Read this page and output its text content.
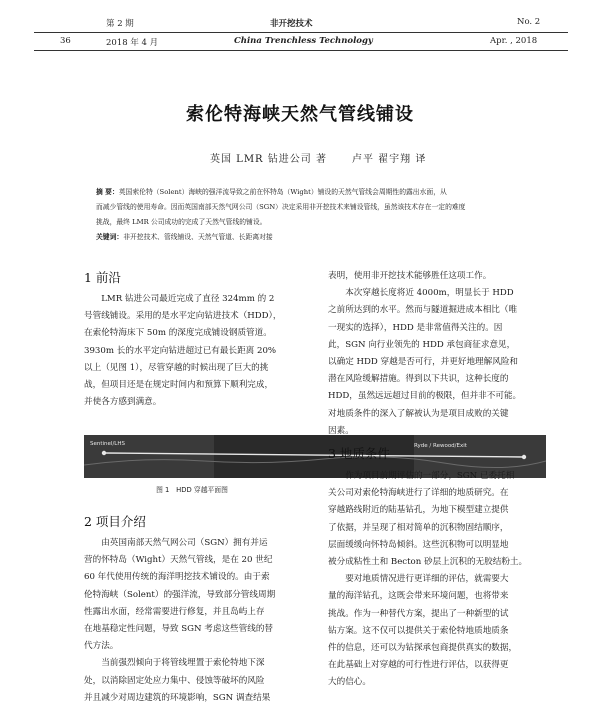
第 2 期
36	2018 年 4 月
非开挖技术
China Trenchless Technology
No. 2
Apr. , 2018
索伦特海峡天然气管线铺设
英国 LMR 钻进公司 著	卢平 翟宇翔 译
摘 要：英国索伦特（Solent）海峡的强洋流导致之前在怀特岛（Wight）铺设的天然气管线会周期性的露出水面，从
而减少管线的使用寿命。因而英国南部天然气网公司（SGN）决定采用非开挖技术来铺设管线，虽然该技术存在一定的难度
挑战，最终 LMR 公司成功的完成了天然气管线的铺设。
关键词：非开挖技术、管线铺设、天然气管道、长距离对接
1 前沿
LMR 钻进公司最近完成了直径 324mm 的 2
号管线铺设。采用的是水平定向钻进技术（HDD），
在索伦特海床下 50m 的深度完成铺设钢质管道。
3930m 长的水平定向钻进超过已有最长距离 20%
以上（见图 1），尽管穿越的时候出现了巨大的挑
战，但项目还是在规定时间内和预算下顺利完成，
并使各方感到满意。
Sentinel/LHS	Ryde / Rewood/Exit
图 1　HDD 穿越平面图
2 项目介绍
由英国南部天然气网公司（SGN）拥有并运
营的怀特岛（Wight）天然气管线，是在 20 世纪
60 年代使用传统的海洋明挖技术铺设的。由于索
伦特海峡（Solent）的强洋流，导致部分管线周期
性露出水面，经常需要进行修复，并且岛屿上存
在地基稳定性问题，导致 SGN 考虑这些管线的替
代方法。
当前强烈倾向于将管线埋置于索伦特地下深
处，以消除固定处应力集中、侵蚀等破坏的风险
并且减少对周边建筑的环境影响，SGN 调查结果
表明，使用非开挖技术能够胜任这项工作。
本次穿越长度将近 4000m，明显长于 HDD
之前所达到的水平。然而与隧道掘进成本相比（唯
一现实的选择），HDD 是非常值得关注的。因
此，SGN 向行业领先的 HDD 承包商征求意见，
以确定 HDD 穿越是否可行，并更好地理解风险和
潜在风险缓解措施。得到以下共识，这种长度的
HDD，虽然远远超过目前的极限，但并非不可能。
对地质条件的深入了解被认为是项目成败的关键
因素。
3 地质条件
作为项目前期评估的一部分，SGN 已委托相
关公司对索伦特海峡进行了详细的地质研究。在
穿越路线附近的陆基钻孔，为地下模型建立提供
了依据，并呈现了相对简单的沉积物固结顺序，
层面缓缓向怀特岛倾斜。这些沉积物可以明显地
被分成粘性土和 Becton 砂层上沉积的无胶结粉土。
要对地质情况进行更详细的评估，就需要大
量的海洋钻孔，这既会带来环境问题，也将带来
挑战。作为一种替代方案，提出了一种新型的试
钻方案。这不仅可以提供关于索伦特地质地质条
件的信息，还可以为钻探承包商提供真实的数据，
在此基础上对穿越的可行性进行评估，以获得更
大的信心。
